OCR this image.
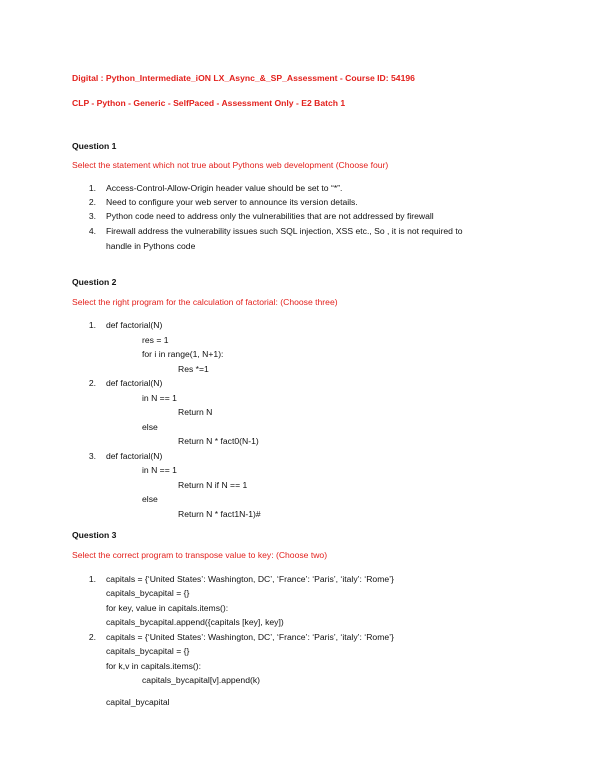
Digital : Python_Intermediate_iON LX_Async_&_SP_Assessment - Course ID: 54196
CLP - Python - Generic - SelfPaced - Assessment Only - E2 Batch 1
Question 1
Select the statement which not true about Pythons web development (Choose four)
1. Access-Control-Allow-Origin header value should be set to “*”.
2. Need to configure your web server to announce its version details.
3. Python code need to address only the vulnerabilities that are not addressed by firewall
4. Firewall address the vulnerability issues such SQL injection, XSS etc., So , it is not required to
handle in Pythons code
Question 2
Select the right program for the calculation of factorial: (Choose three)
1. def factorial(N)
res = 1
for i in range(1, N+1):
Res *=1
2. def factorial(N)
in N == 1
Return N
else
Return N * fact0(N-1)
3. def factorial(N)
in N == 1
Return N if N == 1
else
Return N * fact1N-1)#
Question 3
Select the correct program to transpose value to key: (Choose two)
1. capitals = {‘United States’: Washington, DC’, ‘France’: ‘Paris’, ‘italy’: ‘Rome’}
capitals_bycapital = {}
for key, value in capitals.items():
capitals_bycapital.append({capitals [key], key])
2. capitals = {‘United States’: Washington, DC’, ‘France’: ‘Paris’, ‘italy’: ‘Rome’}
capitals_bycapital = {}
for k,v in capitals.items():
capitals_bycapital[v].append(k)
capital_bycapital
